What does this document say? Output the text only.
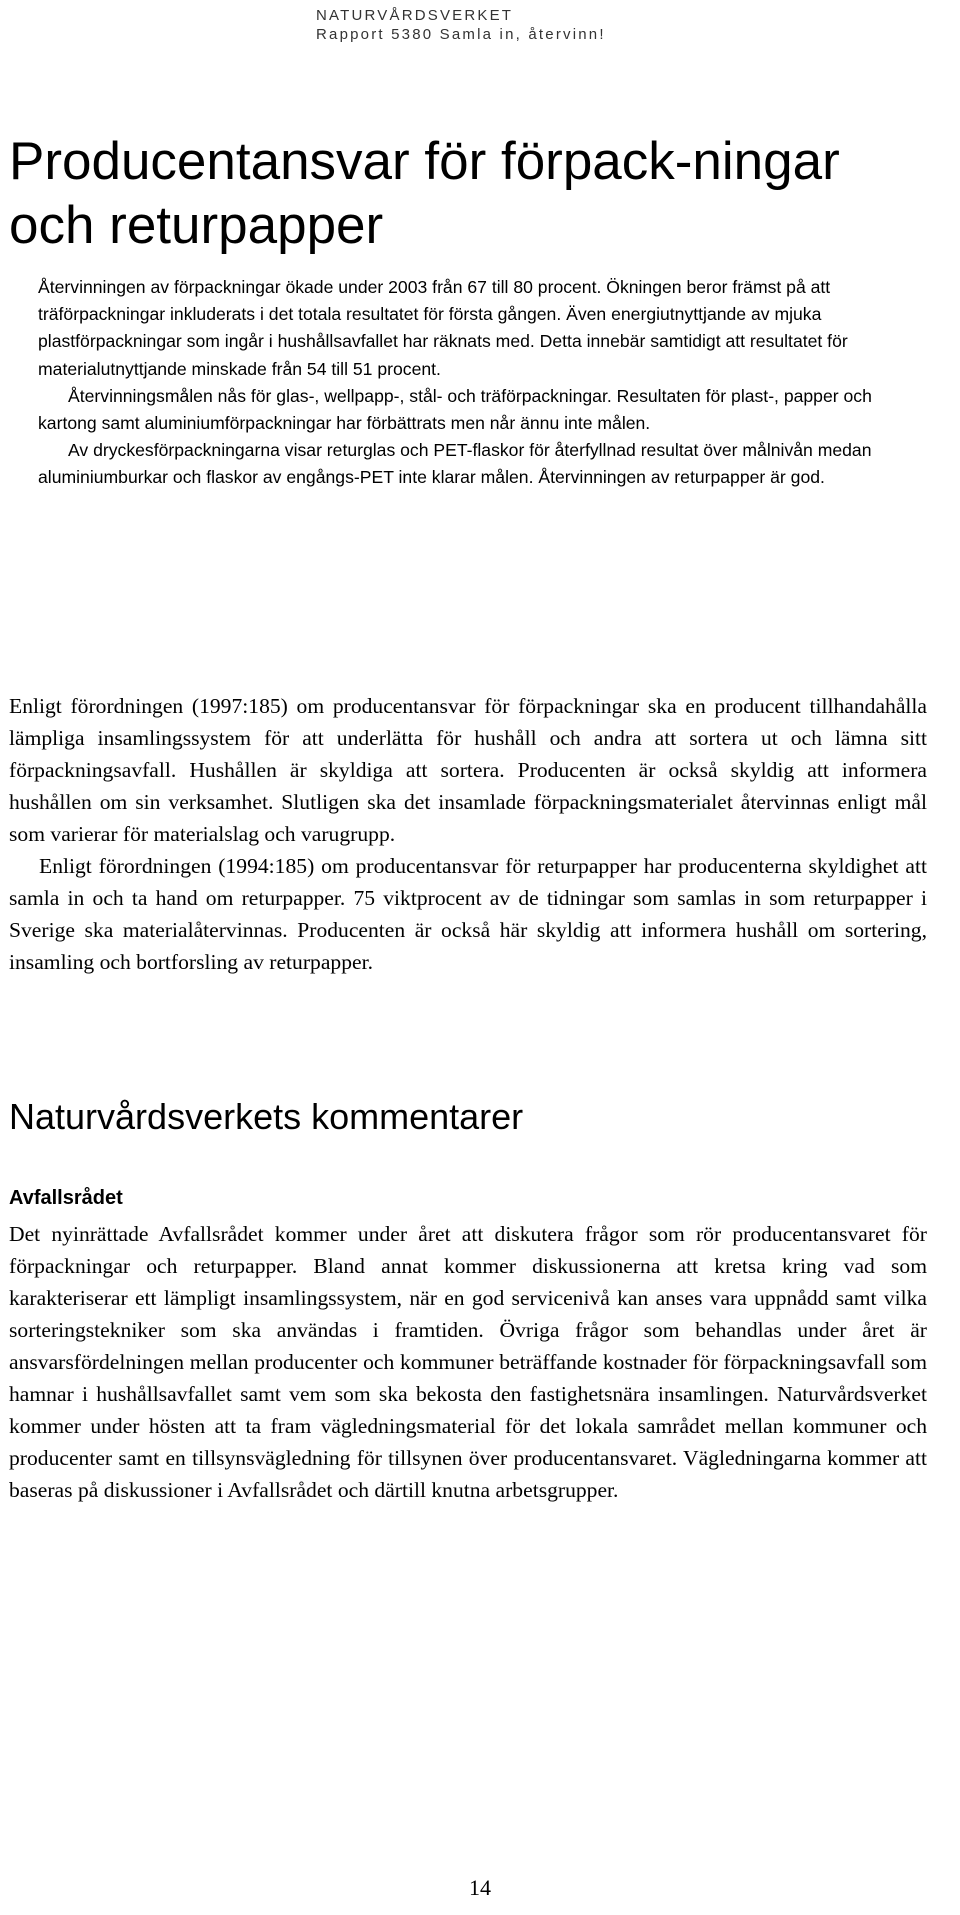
NATURVÅRDSVERKET
Rapport 5380 Samla in, återvinn!
Producentansvar för förpack-ningar och returpapper

Återvinningen av förpackningar ökade under 2003 från 67 till 80 procent. Ökningen beror främst på att träförpackningar inkluderats i det totala resultatet för första gången. Även energiutnyttjande av mjuka plastförpackningar som ingår i hushållsavfallet har räknats med. Detta innebär samtidigt att resultatet för materialutnyttjande minskade från 54 till 51 procent.

Återvinningsmålen nås för glas-, wellpapp-, stål- och träförpackningar. Resultaten för plast-, papper och kartong samt aluminiumförpackningar har förbättrats men når ännu inte målen.

Av dryckesförpackningarna visar returglas och PET-flaskor för återfyllnad resultat över målnivån medan aluminiumburkar och flaskor av engångs-PET inte klarar målen. Återvinningen av returpapper är god.

Enligt förordningen (1997:185) om producentansvar för förpackningar ska en producent tillhandahålla lämpliga insamlingssystem för att underlätta för hushåll och andra att sortera ut och lämna sitt förpackningsavfall. Hushållen är skyldiga att sortera. Producenten är också skyldig att informera hushållen om sin verksamhet. Slutligen ska det insamlade förpackningsmaterialet återvinnas enligt mål som varierar för materialslag och varugrupp.

Enligt förordningen (1994:185) om producentansvar för returpapper har producenterna skyldighet att samla in och ta hand om returpapper. 75 viktprocent av de tidningar som samlas in som returpapper i Sverige ska materialåtervinnas. Producenten är också här skyldig att informera hushåll om sortering, insamling och bortforsling av returpapper.

Naturvårdsverkets kommentarer
Avfallsrådet

Det nyinrättade Avfallsrådet kommer under året att diskutera frågor som rör producentansvaret för förpackningar och returpapper. Bland annat kommer diskussionerna att kretsa kring vad som karakteriserar ett lämpligt insamlingssystem, när en god servicenivå kan anses vara uppnådd samt vilka sorteringstekniker som ska användas i framtiden. Övriga frågor som behandlas under året är ansvarsfördelningen mellan producenter och kommuner beträffande kostnader för förpackningsavfall som hamnar i hushållsavfallet samt vem som ska bekosta den fastighetsnära insamlingen. Naturvårdsverket kommer under hösten att ta fram vägledningsmaterial för det lokala samrådet mellan kommuner och producenter samt en tillsynsvägledning för tillsynen över producentansvaret. Vägledningarna kommer att baseras på diskussioner i Avfallsrådet och därtill knutna arbetsgrupper.

14
